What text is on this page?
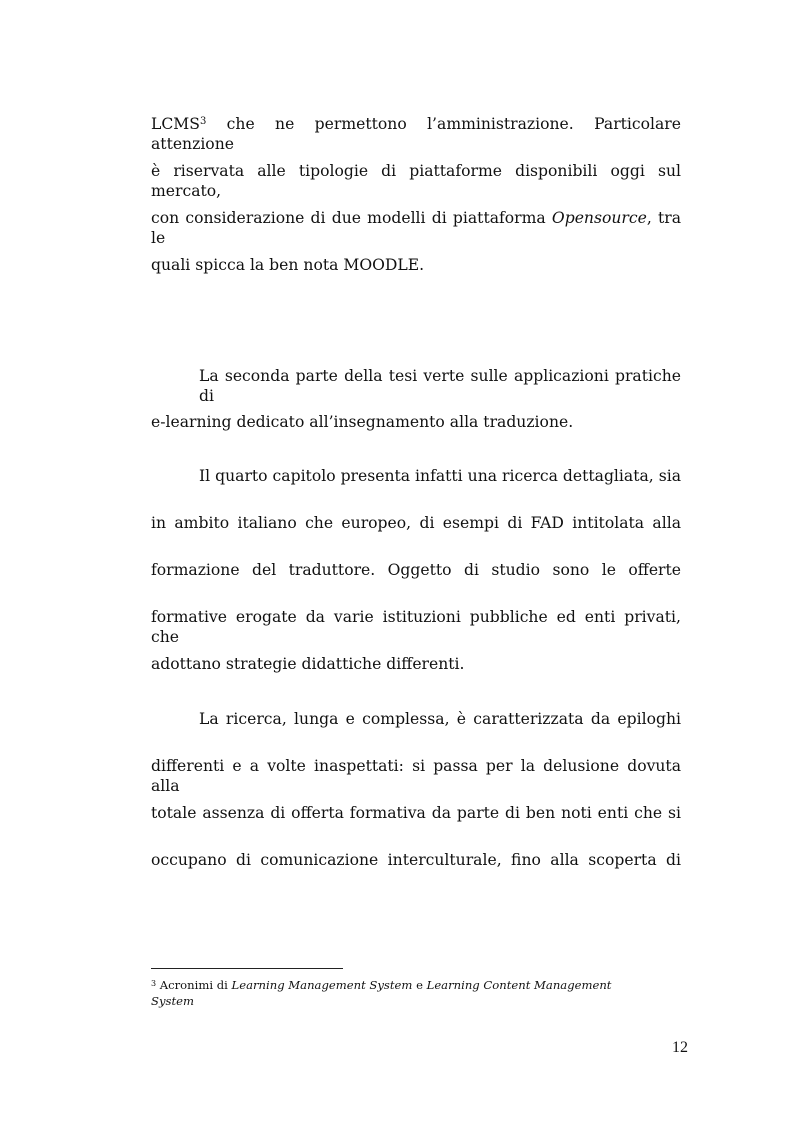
LCMS$^3$ che ne permettono l’amministrazione. Particolare attenzione

è riservata alle tipologie di piattaforme disponibili oggi sul mercato,

con considerazione di due modelli di piattaforma Opensource, tra le

quali spicca la ben nota MOODLE.

La seconda parte della tesi verte sulle applicazioni pratiche di

e-learning dedicato all’insegnamento alla traduzione.

Il quarto capitolo presenta infatti una ricerca dettagliata, sia

in ambito italiano che europeo, di esempi di FAD intitolata alla

formazione del traduttore. Oggetto di studio sono le offerte

formative erogate da varie istituzioni pubbliche ed enti privati, che

adottano strategie didattiche differenti.

La ricerca, lunga e complessa, è caratterizzata da epiloghi

differenti e a volte inaspettati: si passa per la delusione dovuta alla

totale assenza di offerta formativa da parte di ben noti enti che si

occupano di comunicazione interculturale, fino alla scoperta di

$^3$ Acronimi di Learning Management System e Learning Content Management
System
12
